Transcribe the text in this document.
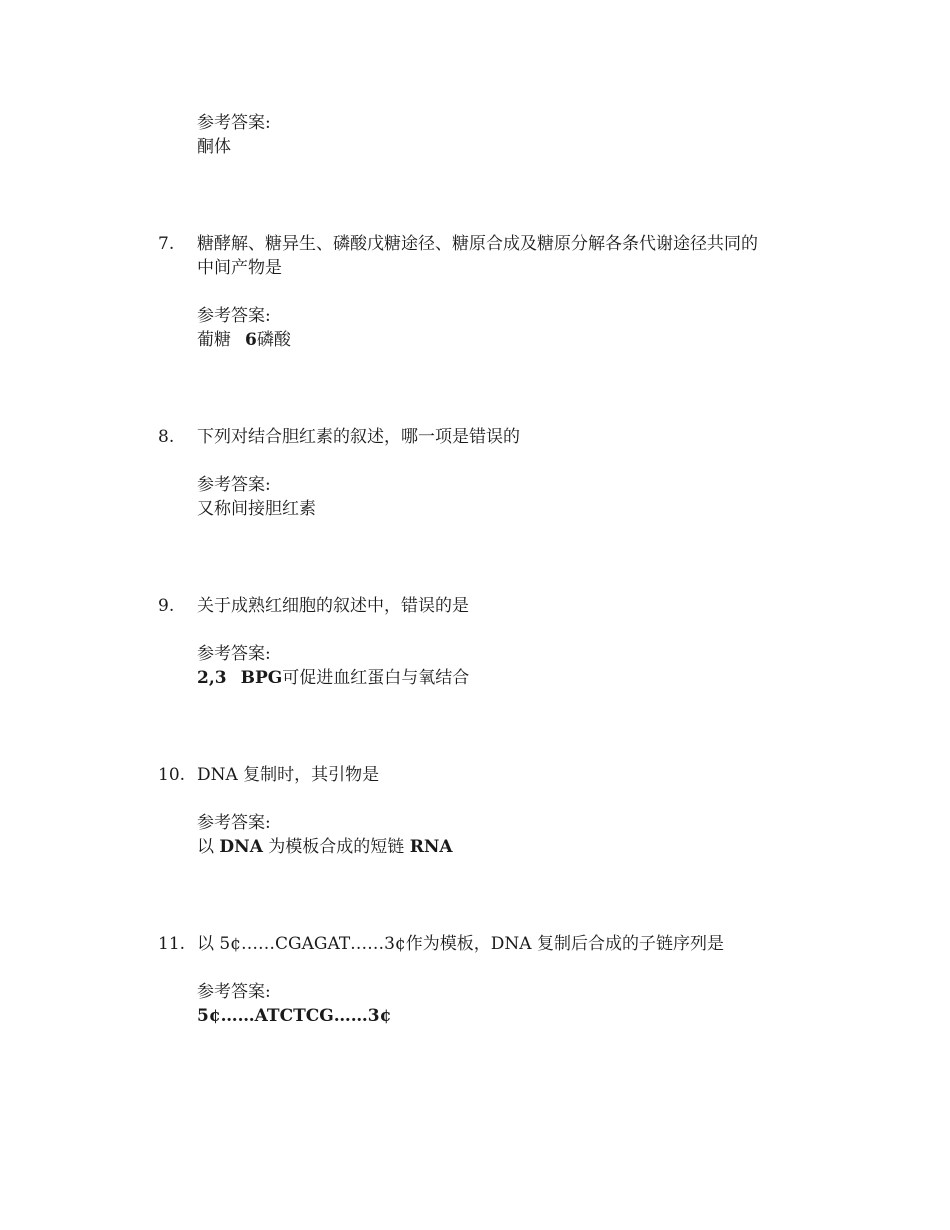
参考答案:
酮体
7. 糖酵解、糖异生、磷酸戊糖途径、糖原合成及糖原分解各条代谢途径共同的
中间产物是
参考答案:
葡糖 6磷酸
8. 下列对结合胆红素的叙述，哪一项是错误的
参考答案:
又称间接胆红素
9. 关于成熟红细胞的叙述中，错误的是
参考答案:
2,3 BPG可促进血红蛋白与氧结合
10. DNA 复制时，其引物是
参考答案:
以 DNA 为模板合成的短链 RNA
11. 以 5¢……CGAGAT……3¢作为模板，DNA 复制后合成的子链序列是
参考答案:
5¢……ATCTCG……3¢
